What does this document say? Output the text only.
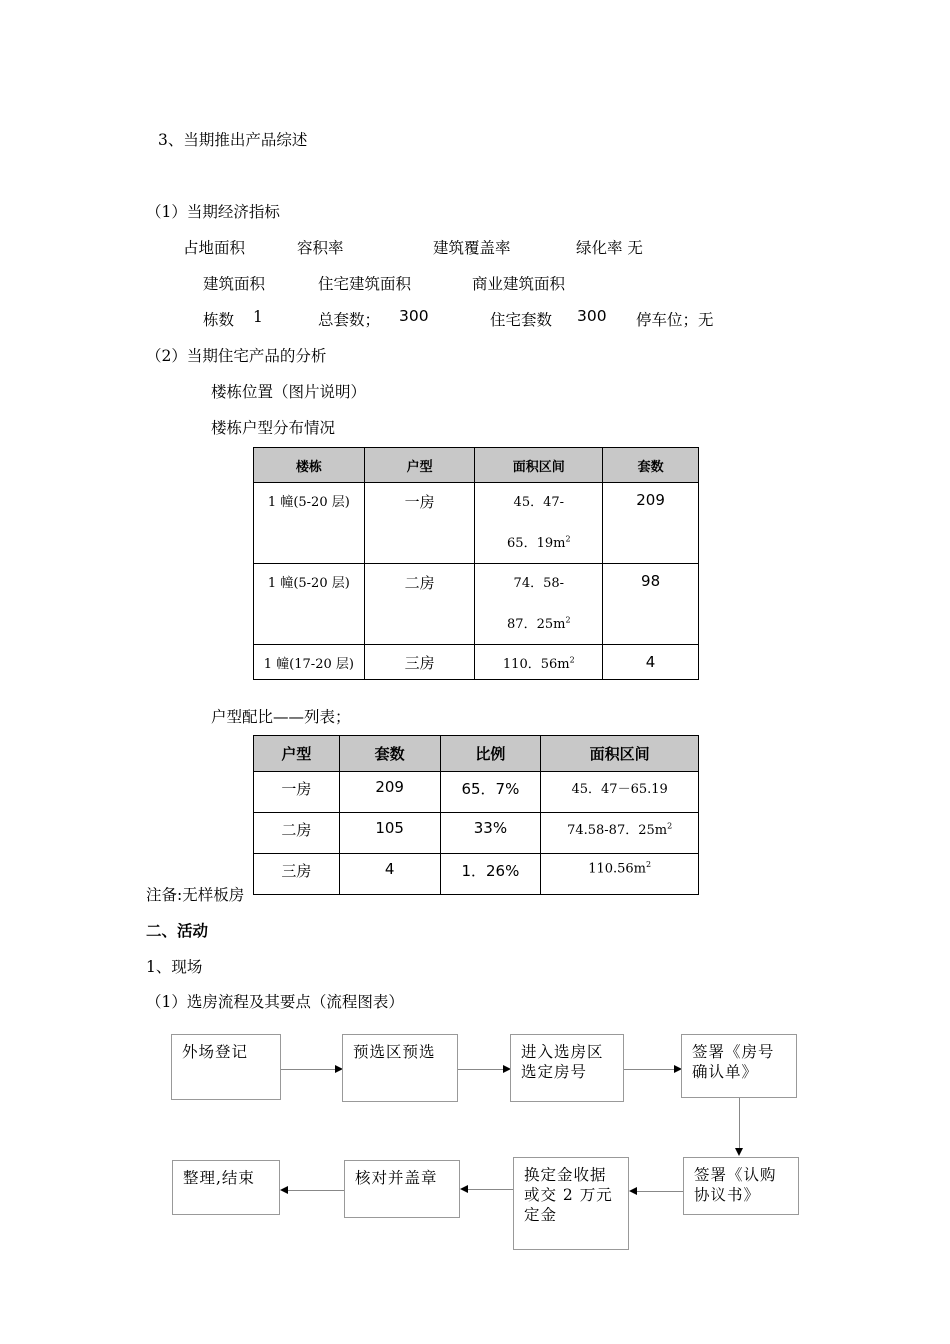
3、当期推出产品综述
（1）当期经济指标
占地面积	容积率	建筑覆盖率	绿化率 无
建筑面积	住宅建筑面积	商业建筑面积
栋数 1	总套数； 300	住宅套数 300 停车位；无
（2）当期住宅产品的分析
楼栋位置（图片说明）
楼栋户型分布情况
楼栋	户型	面积区间	套数
1 幢(5-20 层)	一房	45．47-
65．$19m^2$	209
1 幢(5-20 层)	二房	74．58-
87．$25m^2$	98
1 幢(17-20 层)	三房	110．$56m^2$	4
户型配比——列表；
户型	套数	比例	面积区间
一房	209	65．7%	45．47－65.19
二房	105	33%	74.58-87．$25m^2$
三房	4	1．26%	$110.56m^2$
注备:无样板房
二、活动
1、现场
（1）选房流程及其要点（流程图表）
外场登记	预选区预选	进入选房区选定房号
签署《房号确认单》
签署《认购协议书》
换定金收据或交 2 万元定金
核对并盖章
整理,结束
